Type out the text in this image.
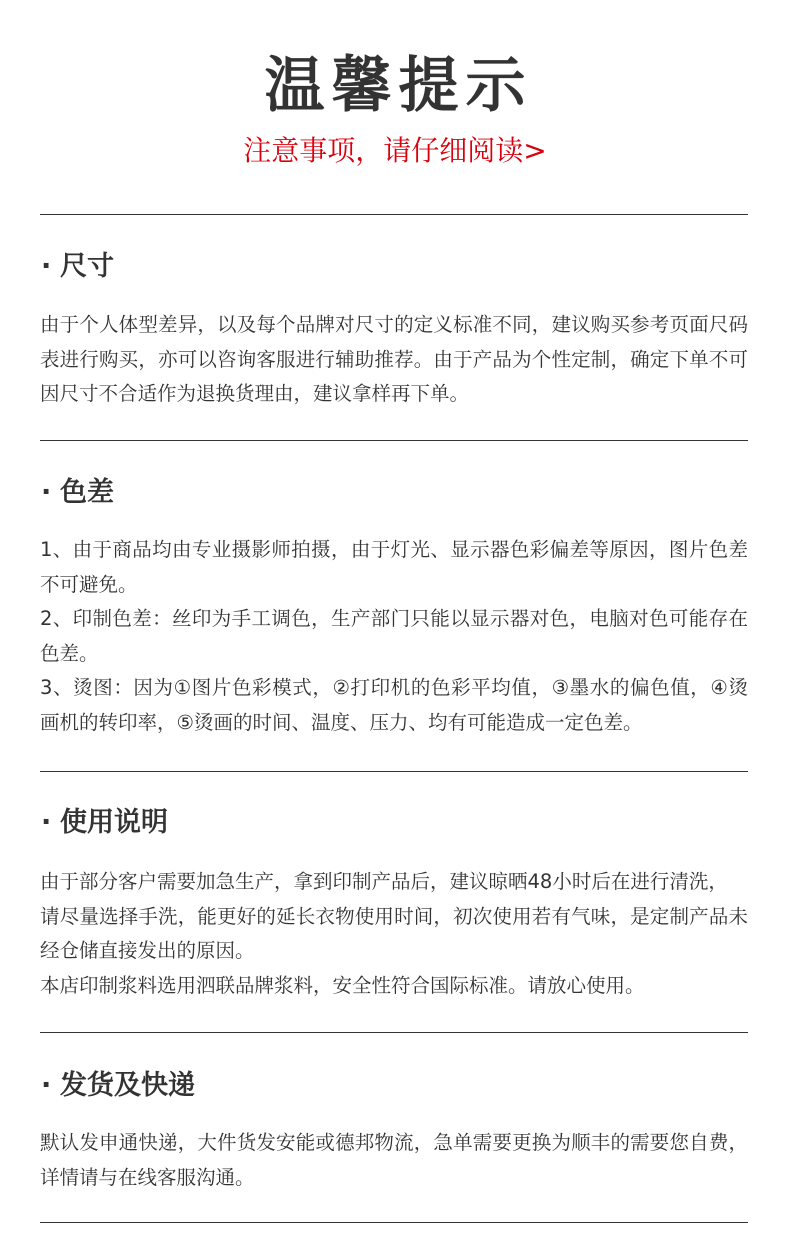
温馨提示
注意事项，请仔细阅读>
· 尺寸
由于个人体型差异，以及每个品牌对尺寸的定义标准不同，建议购买参考页面尺码
表进行购买，亦可以咨询客服进行辅助推荐。由于产品为个性定制，确定下单不可
因尺寸不合适作为退换货理由，建议拿样再下单。
· 色差
1、由于商品均由专业摄影师拍摄，由于灯光、显示器色彩偏差等原因，图片色差
不可避免。
2、印制色差：丝印为手工调色，生产部门只能以显示器对色，电脑对色可能存在
色差。
3、烫图：因为①图片色彩模式，②打印机的色彩平均值，③墨水的偏色值，④烫
画机的转印率，⑤烫画的时间、温度、压力、均有可能造成一定色差。
· 使用说明
由于部分客户需要加急生产，拿到印制产品后，建议晾晒48小时后在进行清洗，
请尽量选择手洗，能更好的延长衣物使用时间，初次使用若有气味，是定制产品未
经仓储直接发出的原因。
本店印制浆料选用泗联品牌浆料，安全性符合国际标准。请放心使用。
· 发货及快递
默认发申通快递，大件货发安能或德邦物流，急单需要更换为顺丰的需要您自费，
详情请与在线客服沟通。
